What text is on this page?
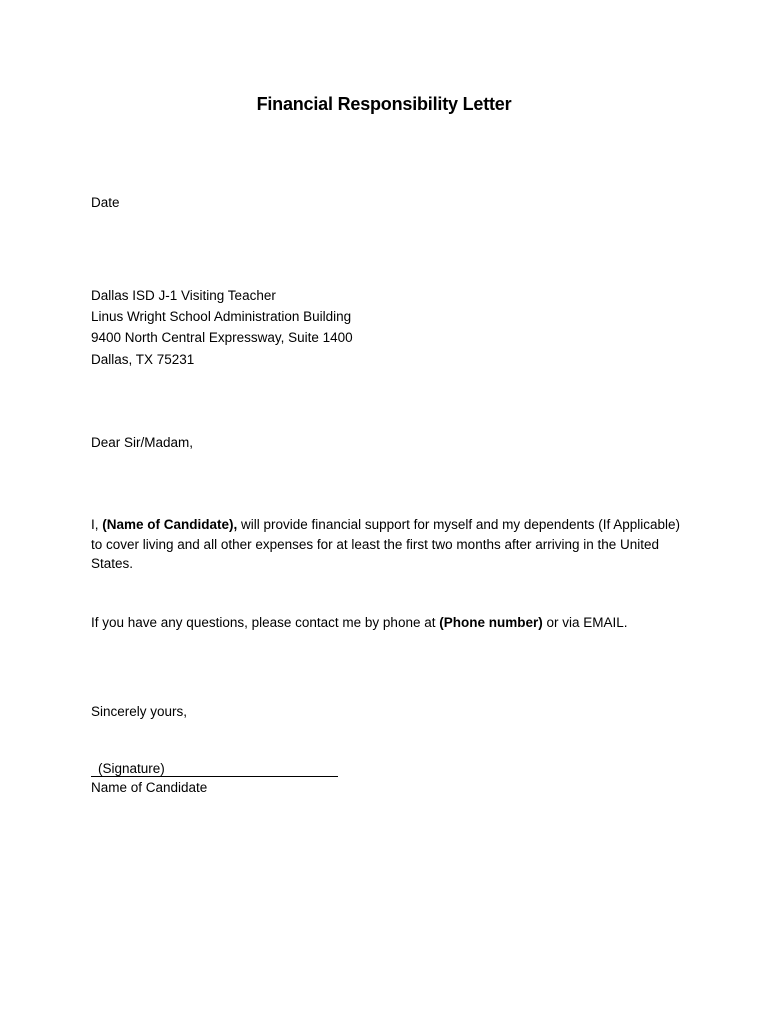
Financial Responsibility Letter
Date
Dallas ISD J-1 Visiting Teacher
Linus Wright School Administration Building
9400 North Central Expressway, Suite 1400
Dallas, TX 75231
Dear Sir/Madam,
I, (Name of Candidate), will provide financial support for myself and my dependents (If Applicable) to cover living and all other expenses for at least the first two months after arriving in the United States.
If you have any questions, please contact me by phone at (Phone number) or via EMAIL.
Sincerely yours,
(Signature)
Name of Candidate
